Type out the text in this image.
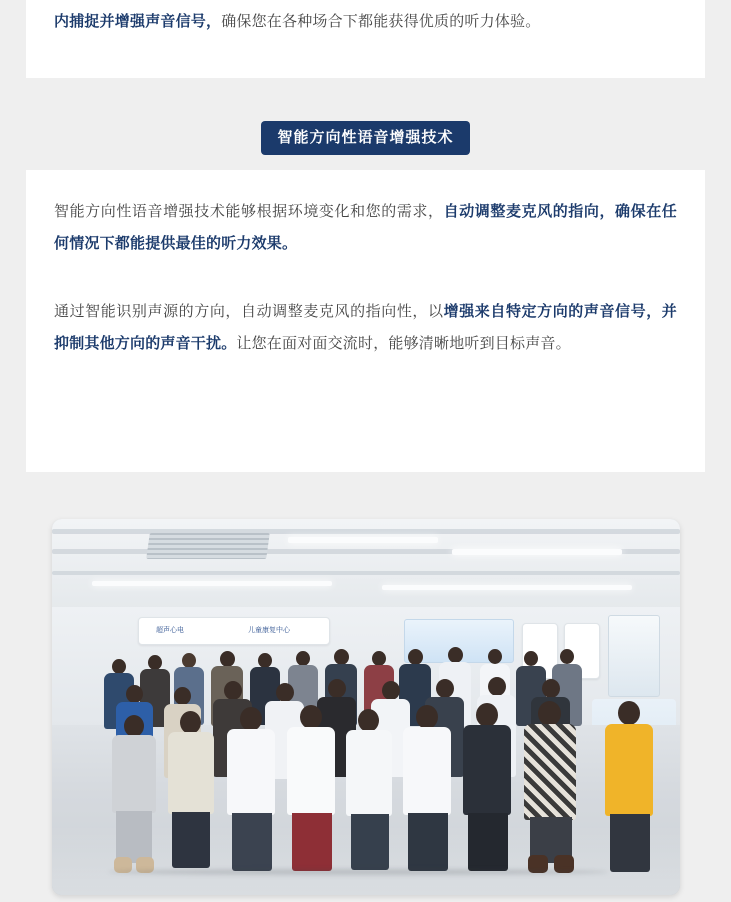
内捕捉并增强声音信号，确保您在各种场合下都能获得优质的听力体验。

智能方向性语音增强技术

智能方向性语音增强技术能够根据环境变化和您的需求，自动调整麦克风的指向，确保在任何情况下都能提供最佳的听力效果。

通过智能识别声源的方向，自动调整麦克风的指向性，以增强来自特定方向的声音信号，并抑制其他方向的声音干扰。让您在面对面交流时，能够清晰地听到目标声音。

超声心电	儿童康复中心
